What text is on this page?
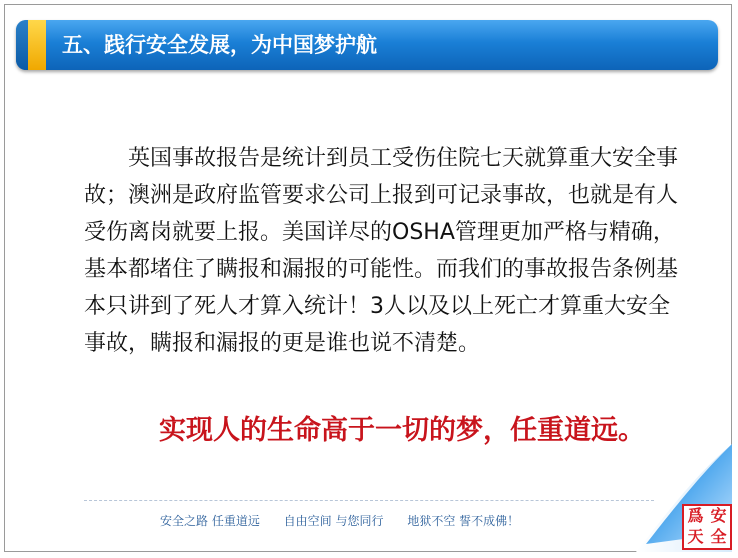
五、践行安全发展，为中国梦护航
英国事故报告是统计到员工受伤住院七天就算重大安全事故；澳洲是政府监管要求公司上报到可记录事故，也就是有人受伤离岗就要上报。美国详尽的OSHA管理更加严格与精确，基本都堵住了瞒报和漏报的可能性。而我们的事故报告条例基本只讲到了死人才算入统计！3人以及以上死亡才算重大安全事故，瞒报和漏报的更是谁也说不清楚。
实现人的生命高于一切的梦，任重道远。
安全之路 任重道远 自由空间 与您同行 地狱不空 誓不成佛！	爲 安
天 全
